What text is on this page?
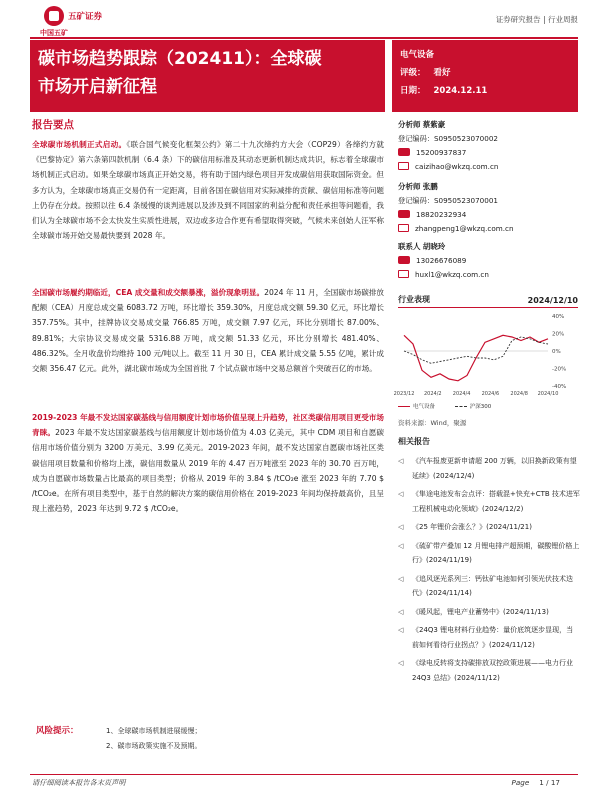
五矿证券
中国五矿
证券研究报告 | 行业周报
碳市场趋势跟踪（202411）：全球碳
市场开启新征程
电气设备
评级： 看好
日期： 2024.12.11
报告要点
全球碳市场机制正式启动。《联合国气候变化框架公约》第二十九次缔约方大会（COP29）各缔约方就《巴黎协定》第六条第四款机制（6.4 条）下的碳信用标准及其动态更新机制达成共识，标志着全球碳市场机制正式启动。如果全球碳市场真正开始交易，将有助于国内绿色项目开发成碳信用获取国际资金。但多方认为，全球碳市场真正交易仍有一定距离，目前各国在碳信用对实际减排的贡献、碳信用标准等问题上仍存在分歧。按照以往 6.4 条缓慢的谈判进展以及涉及到不同国家的利益分配和责任承担等问题看，我们认为全球碳市场不会太快发生实质性进展，双边或多边合作更有希望取得突破，气候未来创始人汪军称全球碳市场开始交易最快要到 2028 年。
全国碳市场履约期临近，CEA 成交量和成交额暴涨，溢价现象明显。2024 年 11 月，全国碳市场碳排放配额（CEA）月度总成交量 6083.72 万吨，环比增长 359.30%，月度总成交额 59.30 亿元，环比增长 357.75%。其中，挂牌协议交易成交量 766.85 万吨，成交额 7.97 亿元，环比分别增长 87.00%、89.81%；大宗协议交易成交量 5316.88 万吨，成交额 51.33 亿元，环比分别增长 481.40%、486.32%。全月收盘价均维持 100 元/吨以上。截至 11 月 30 日，CEA 累计成交量 5.55 亿吨，累计成交额 356.47 亿元。此外，湖北碳市场成为全国首批 7 个试点碳市场中交易总额首个突破百亿的市场。
2019-2023 年最不发达国家碳基线与信用额度计划市场价值呈现上升趋势，社区类碳信用项目更受市场青睐。2023 年最不发达国家碳基线与信用额度计划市场价值为 4.03 亿美元，其中 CDM 项目和自愿碳信用市场价值分别为 3200 万美元、3.99 亿美元。2019-2023 年间，最不发达国家自愿碳市场社区类碳信用项目数量和价格均上涨，碳信用数量从 2019 年的 4.47 百万吨涨至 2023 年的 30.70 百万吨，成为自愿碳市场数量占比最高的项目类型；价格从 2019 年的 3.84 $ /tCO₂e 涨至 2023 年的 7.70 $ /tCO₂e。在所有项目类型中，基于自然的解决方案的碳信用价格在 2019-2023 年间均保持最高价，且呈现上涨趋势，2023 年达到 9.72 $ /tCO₂e。
分析师 蔡紫豪
登记编码：S0950523070002
15200937837
caizihao@wkzq.com.cn
分析师 张鹏
登记编码：S0950523070001
18820232934
zhangpeng1@wkzq.com.cn
联系人 胡晓玲
13026676089
huxl1@wkzq.com.cn
行业表现	2024/12/10
40%
20%
0%
-20%
-40%
2023/12 2024/2 2024/4 2024/6 2024/8 2024/10
电气设备	沪深300
资料来源：Wind，聚源
相关报告
◁ 《汽车报废更新申请超 200 万辆，以旧换新政策有望延续》(2024/12/4)
◁ 《隼途电池发布会点评：搭载混+快充+CTB 技术进军工程机械电动化领域》(2024/12/2)
◁ 《25 年锂价会涨么？》(2024/11/21)
◁ 《硫矿带产叠加 12 月锂电排产超预期，碳酸锂价格上行》(2024/11/19)
◁ 《追风逐光系列三：钙钛矿电池如何引领光伏技术迭代》(2024/11/14)
◁ 《暖风起，锂电产业蓄势中》(2024/11/13)
◁ 《24Q3 锂电材料行业趋势：量价底筑逐步显现，当前如何看待行业拐点？》(2024/11/12)
◁ 《绿电反转将支持碳排放双控政策进展——电力行业 24Q3 总结》(2024/11/12)
风险提示：	1、全球碳市场机制进展缓慢；
2、碳市场政策实施不及预期。
请仔细阅读本报告各末页声明	Page 1 / 17
